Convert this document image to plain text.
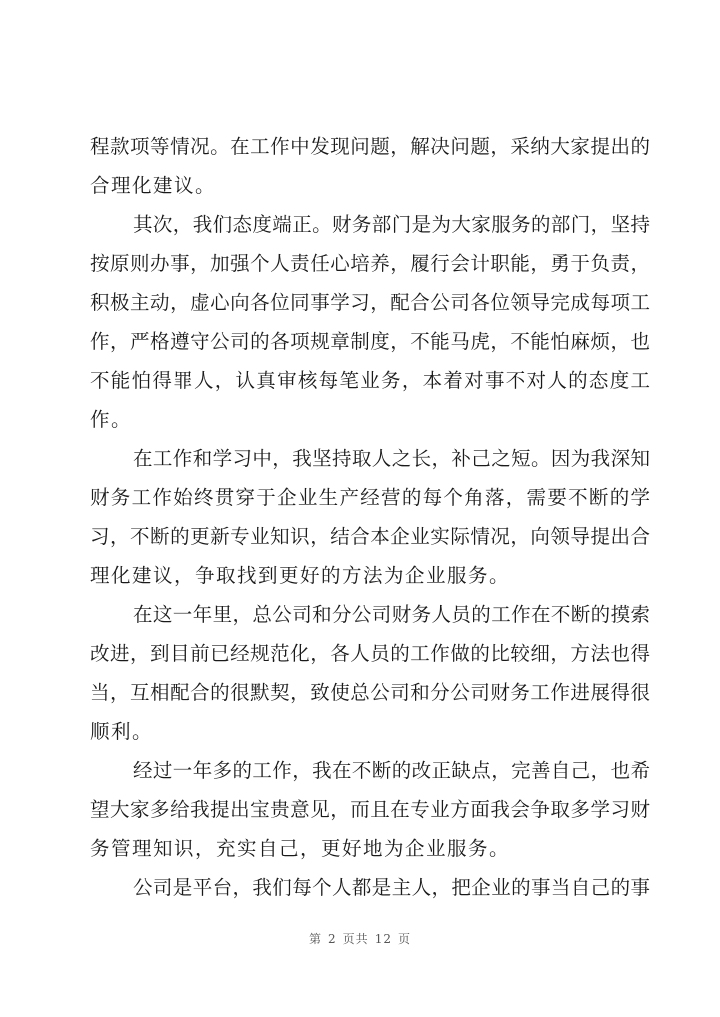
程款项等情况。在工作中发现问题，解决问题，采纳大家提出的
合理化建议。
其次，我们态度端正。财务部门是为大家服务的部门，坚持
按原则办事，加强个人责任心培养，履行会计职能，勇于负责，
积极主动，虚心向各位同事学习，配合公司各位领导完成每项工
作，严格遵守公司的各项规章制度，不能马虎，不能怕麻烦，也
不能怕得罪人，认真审核每笔业务，本着对事不对人的态度工
作。
在工作和学习中，我坚持取人之长，补己之短。因为我深知
财务工作始终贯穿于企业生产经营的每个角落，需要不断的学
习，不断的更新专业知识，结合本企业实际情况，向领导提出合
理化建议，争取找到更好的方法为企业服务。
在这一年里，总公司和分公司财务人员的工作在不断的摸索
改进，到目前已经规范化，各人员的工作做的比较细，方法也得
当，互相配合的很默契，致使总公司和分公司财务工作进展得很
顺利。
经过一年多的工作，我在不断的改正缺点，完善自己，也希
望大家多给我提出宝贵意见，而且在专业方面我会争取多学习财
务管理知识，充实自己，更好地为企业服务。
公司是平台，我们每个人都是主人，把企业的事当自己的事
第 2 页共 12 页
